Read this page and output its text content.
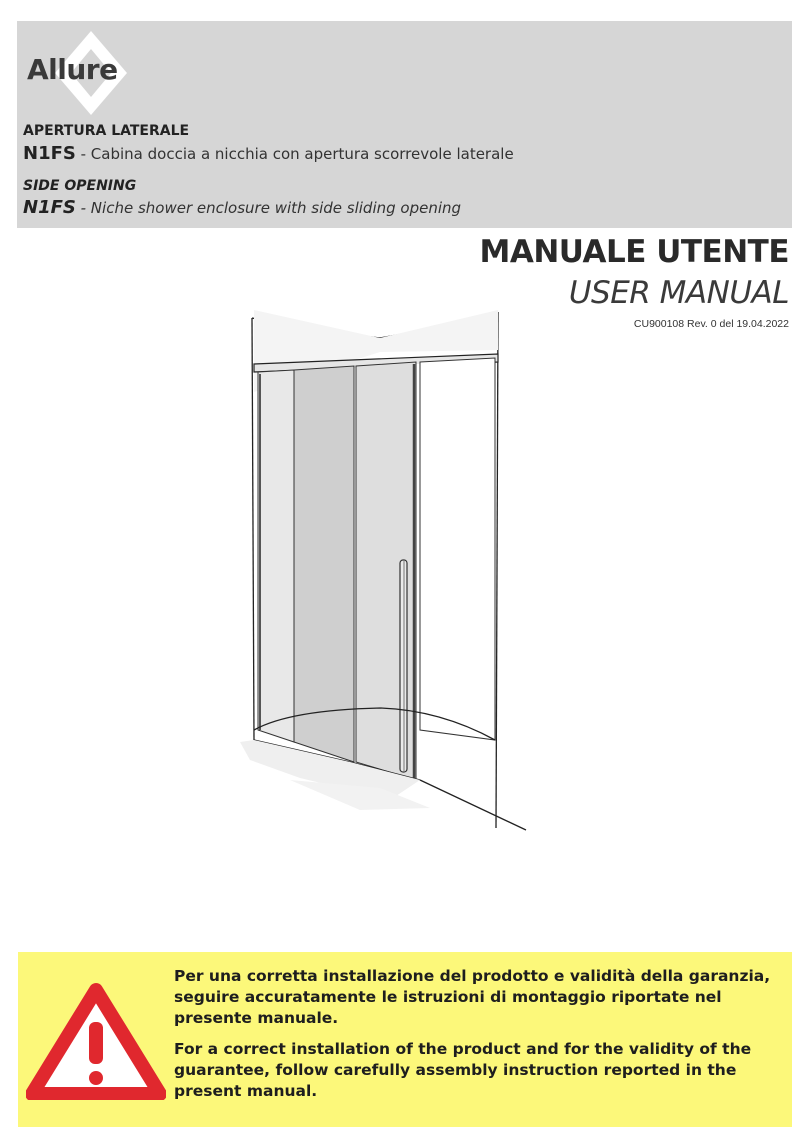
Allure
APERTURA LATERALE
N1FS - Cabina doccia a nicchia con apertura scorrevole laterale
SIDE OPENING
N1FS - Niche shower enclosure with side sliding opening
MANUALE UTENTE
USER MANUAL
CU900108 Rev. 0 del 19.04.2022

Per una corretta installazione del prodotto e validità della garanzia, seguire accuratamente le istruzioni di montaggio riportate nel presente manuale.

For a correct installation of the product and for the validity of the guarantee, follow carefully assembly instruction reported in the present manual.
